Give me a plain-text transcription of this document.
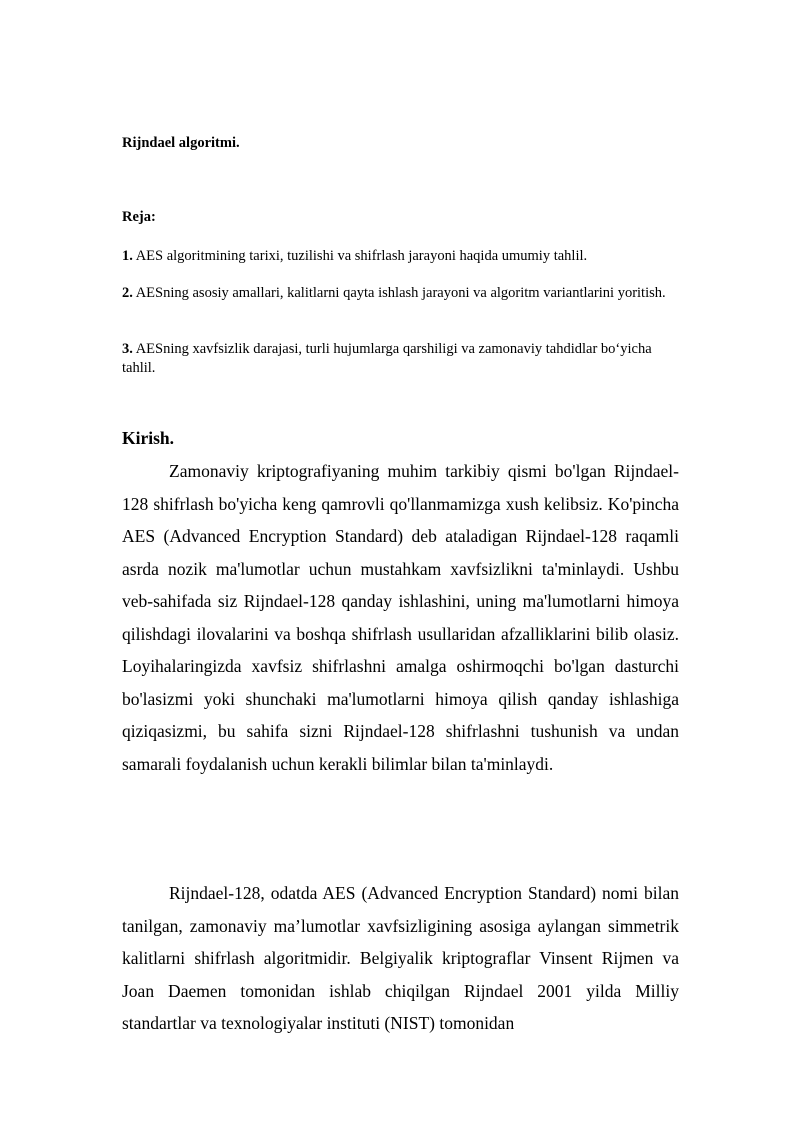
Rijndael algoritmi.

Reja:

1. AES algoritmining tarixi, tuzilishi va shifrlash jarayoni haqida umumiy tahlil.

2. AESning asosiy amallari, kalitlarni qayta ishlash jarayoni va algoritm variantlarini yoritish.

3. AESning xavfsizlik darajasi, turli hujumlarga qarshiligi va zamonaviy tahdidlar bo‘yicha tahlil.

Kirish.

Zamonaviy kriptografiyaning muhim tarkibiy qismi bo'lgan Rijndael-128 shifrlash bo'yicha keng qamrovli qo'llanmamizga xush kelibsiz. Ko'pincha AES (Advanced Encryption Standard) deb ataladigan Rijndael-128 raqamli asrda nozik ma'lumotlar uchun mustahkam xavfsizlikni ta'minlaydi. Ushbu veb-sahifada siz Rijndael-128 qanday ishlashini, uning ma'lumotlarni himoya qilishdagi ilovalarini va boshqa shifrlash usullaridan afzalliklarini bilib olasiz. Loyihalaringizda xavfsiz shifrlashni amalga oshirmoqchi bo'lgan dasturchi bo'lasizmi yoki shunchaki ma'lumotlarni himoya qilish qanday ishlashiga qiziqasizmi, bu sahifa sizni Rijndael-128 shifrlashni tushunish va undan samarali foydalanish uchun kerakli bilimlar bilan ta'minlaydi.

Rijndael-128, odatda AES (Advanced Encryption Standard) nomi bilan tanilgan, zamonaviy ma’lumotlar xavfsizligining asosiga aylangan simmetrik kalitlarni shifrlash algoritmidir. Belgiyalik kriptograflar Vinsent Rijmen va Joan Daemen tomonidan ishlab chiqilgan Rijndael 2001 yilda Milliy standartlar va texnologiyalar instituti (NIST) tomonidan
